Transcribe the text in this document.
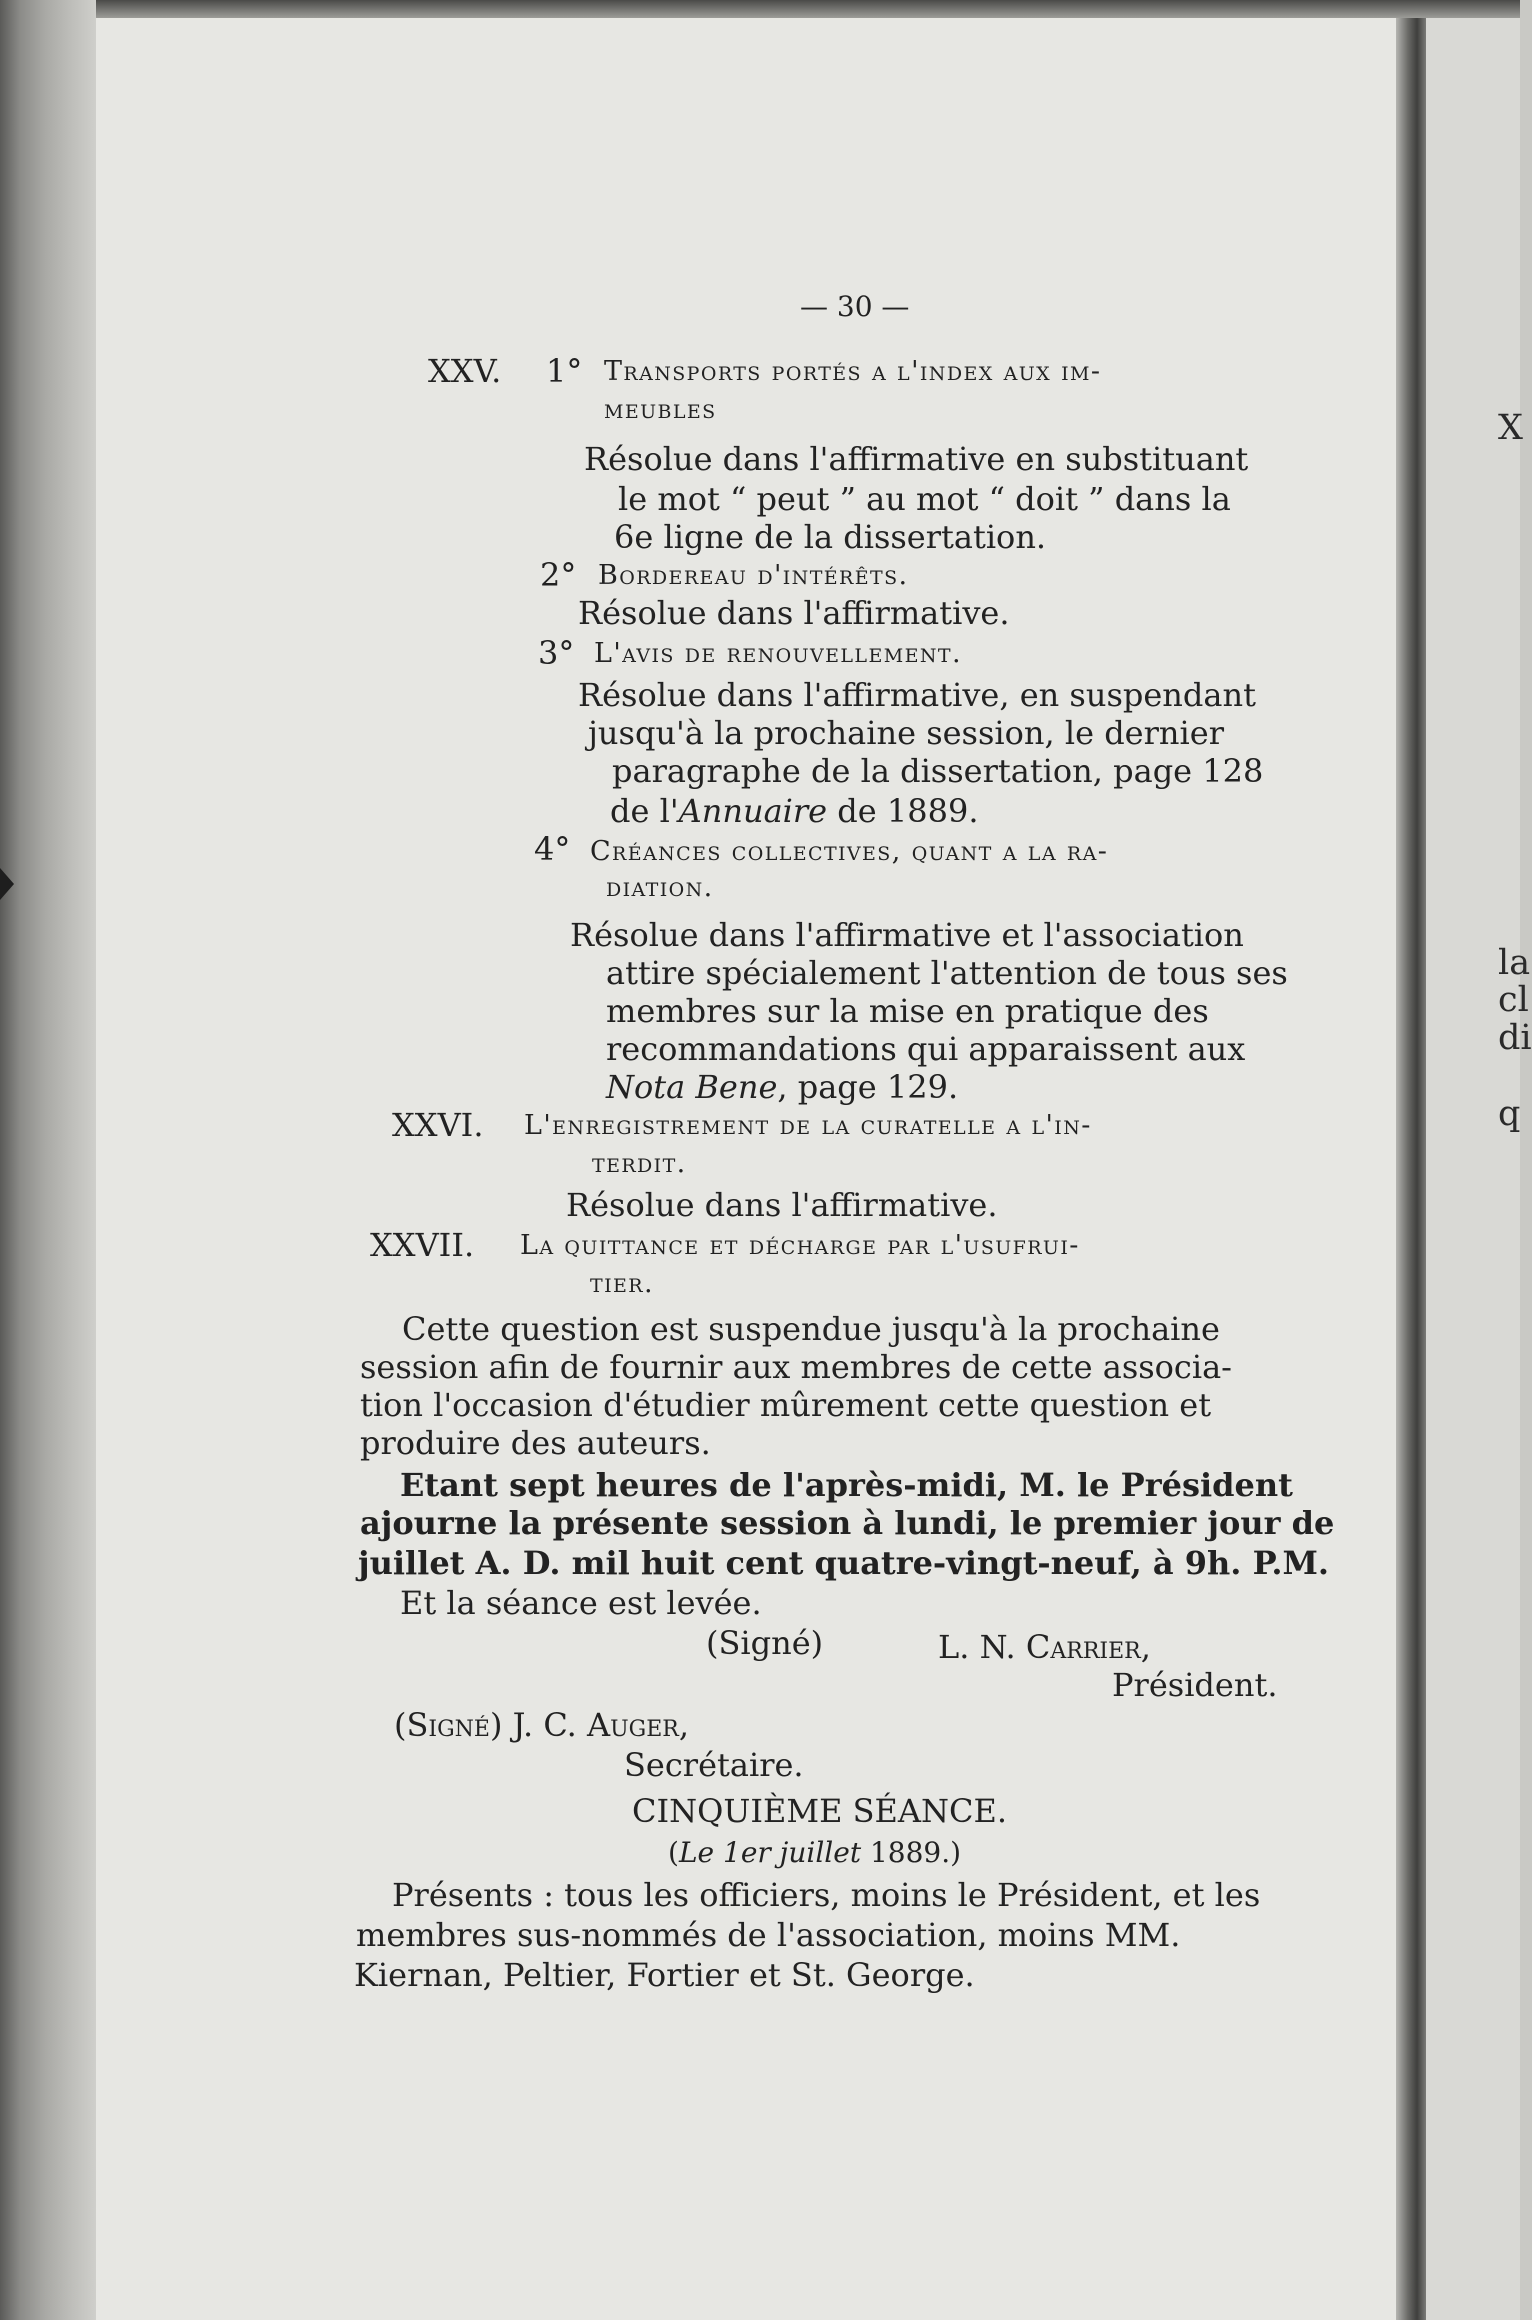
X
la
cl
di
q
— 30 —
XXV. 1° Transports portés a l'index aux im-
meubles
Résolue dans l'affirmative en substituant
le mot “ peut ” au mot “ doit ” dans la
6e ligne de la dissertation.
2° Bordereau d'intérêts.
Résolue dans l'affirmative.
3° L'avis de renouvellement.
Résolue dans l'affirmative, en suspendant
jusqu'à la prochaine session, le dernier
paragraphe de la dissertation, page 128
de l'Annuaire de 1889.
4° Créances collectives, quant a la ra-
diation.
Résolue dans l'affirmative et l'association
attire spécialement l'attention de tous ses
membres sur la mise en pratique des
recommandations qui apparaissent aux
Nota Bene, page 129.
XXVI. L'enregistrement de la curatelle a l'in-
terdit.
Résolue dans l'affirmative.
XXVII. La quittance et décharge par l'usufrui-
tier.
Cette question est suspendue jusqu'à la prochaine
session afin de fournir aux membres de cette associa-
tion l'occasion d'étudier mûrement cette question et
produire des auteurs.
Etant sept heures de l'après-midi, M. le Président
ajourne la présente session à lundi, le premier jour de
juillet A. D. mil huit cent quatre-vingt-neuf, à 9h. P.M.
Et la séance est levée.
(Signé)	L. N. Carrier,
Président.
(Signé) J. C. Auger,
Secrétaire.
CINQUIÈME SÉANCE.
(Le 1er juillet 1889.)
Présents : tous les officiers, moins le Président, et les
membres sus-nommés de l'association, moins MM.
Kiernan, Peltier, Fortier et St. George.
